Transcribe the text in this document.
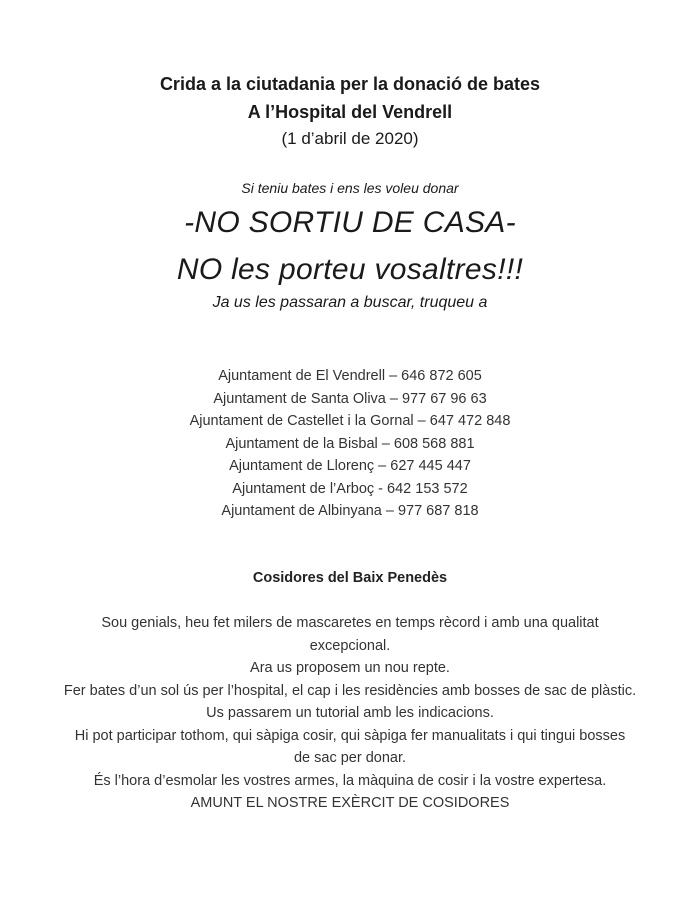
Crida a la ciutadania per la donació de bates

A l’Hospital del Vendrell

(1 d’abril de 2020)

Si teniu bates i ens les voleu donar
-NO SORTIU DE CASA-
NO les porteu vosaltres!!!
Ja us les passaran a buscar, truqueu a
Ajuntament de El Vendrell – 646 872 605
Ajuntament de Santa Oliva – 977 67 96 63
Ajuntament de Castellet i la Gornal – 647 472 848
Ajuntament de la Bisbal – 608 568 881
Ajuntament de Llorenç – 627 445 447
Ajuntament de l’Arboç - 642 153 572
Ajuntament de Albinyana – 977 687 818
Cosidores del Baix Penedès

Sou genials, heu fet milers de mascaretes en temps rècord i amb una qualitat

excepcional.

Ara us proposem un nou repte.

Fer bates d’un sol ús per l’hospital, el cap i les residències amb bosses de sac de plàstic.

Us passarem un tutorial amb les indicacions.

Hi pot participar tothom, qui sàpiga cosir, qui sàpiga fer manualitats i qui tingui bosses

de sac per donar.

És l’hora d’esmolar les vostres armes, la màquina de cosir i la vostre expertesa.

AMUNT EL NOSTRE EXÈRCIT DE COSIDORES
